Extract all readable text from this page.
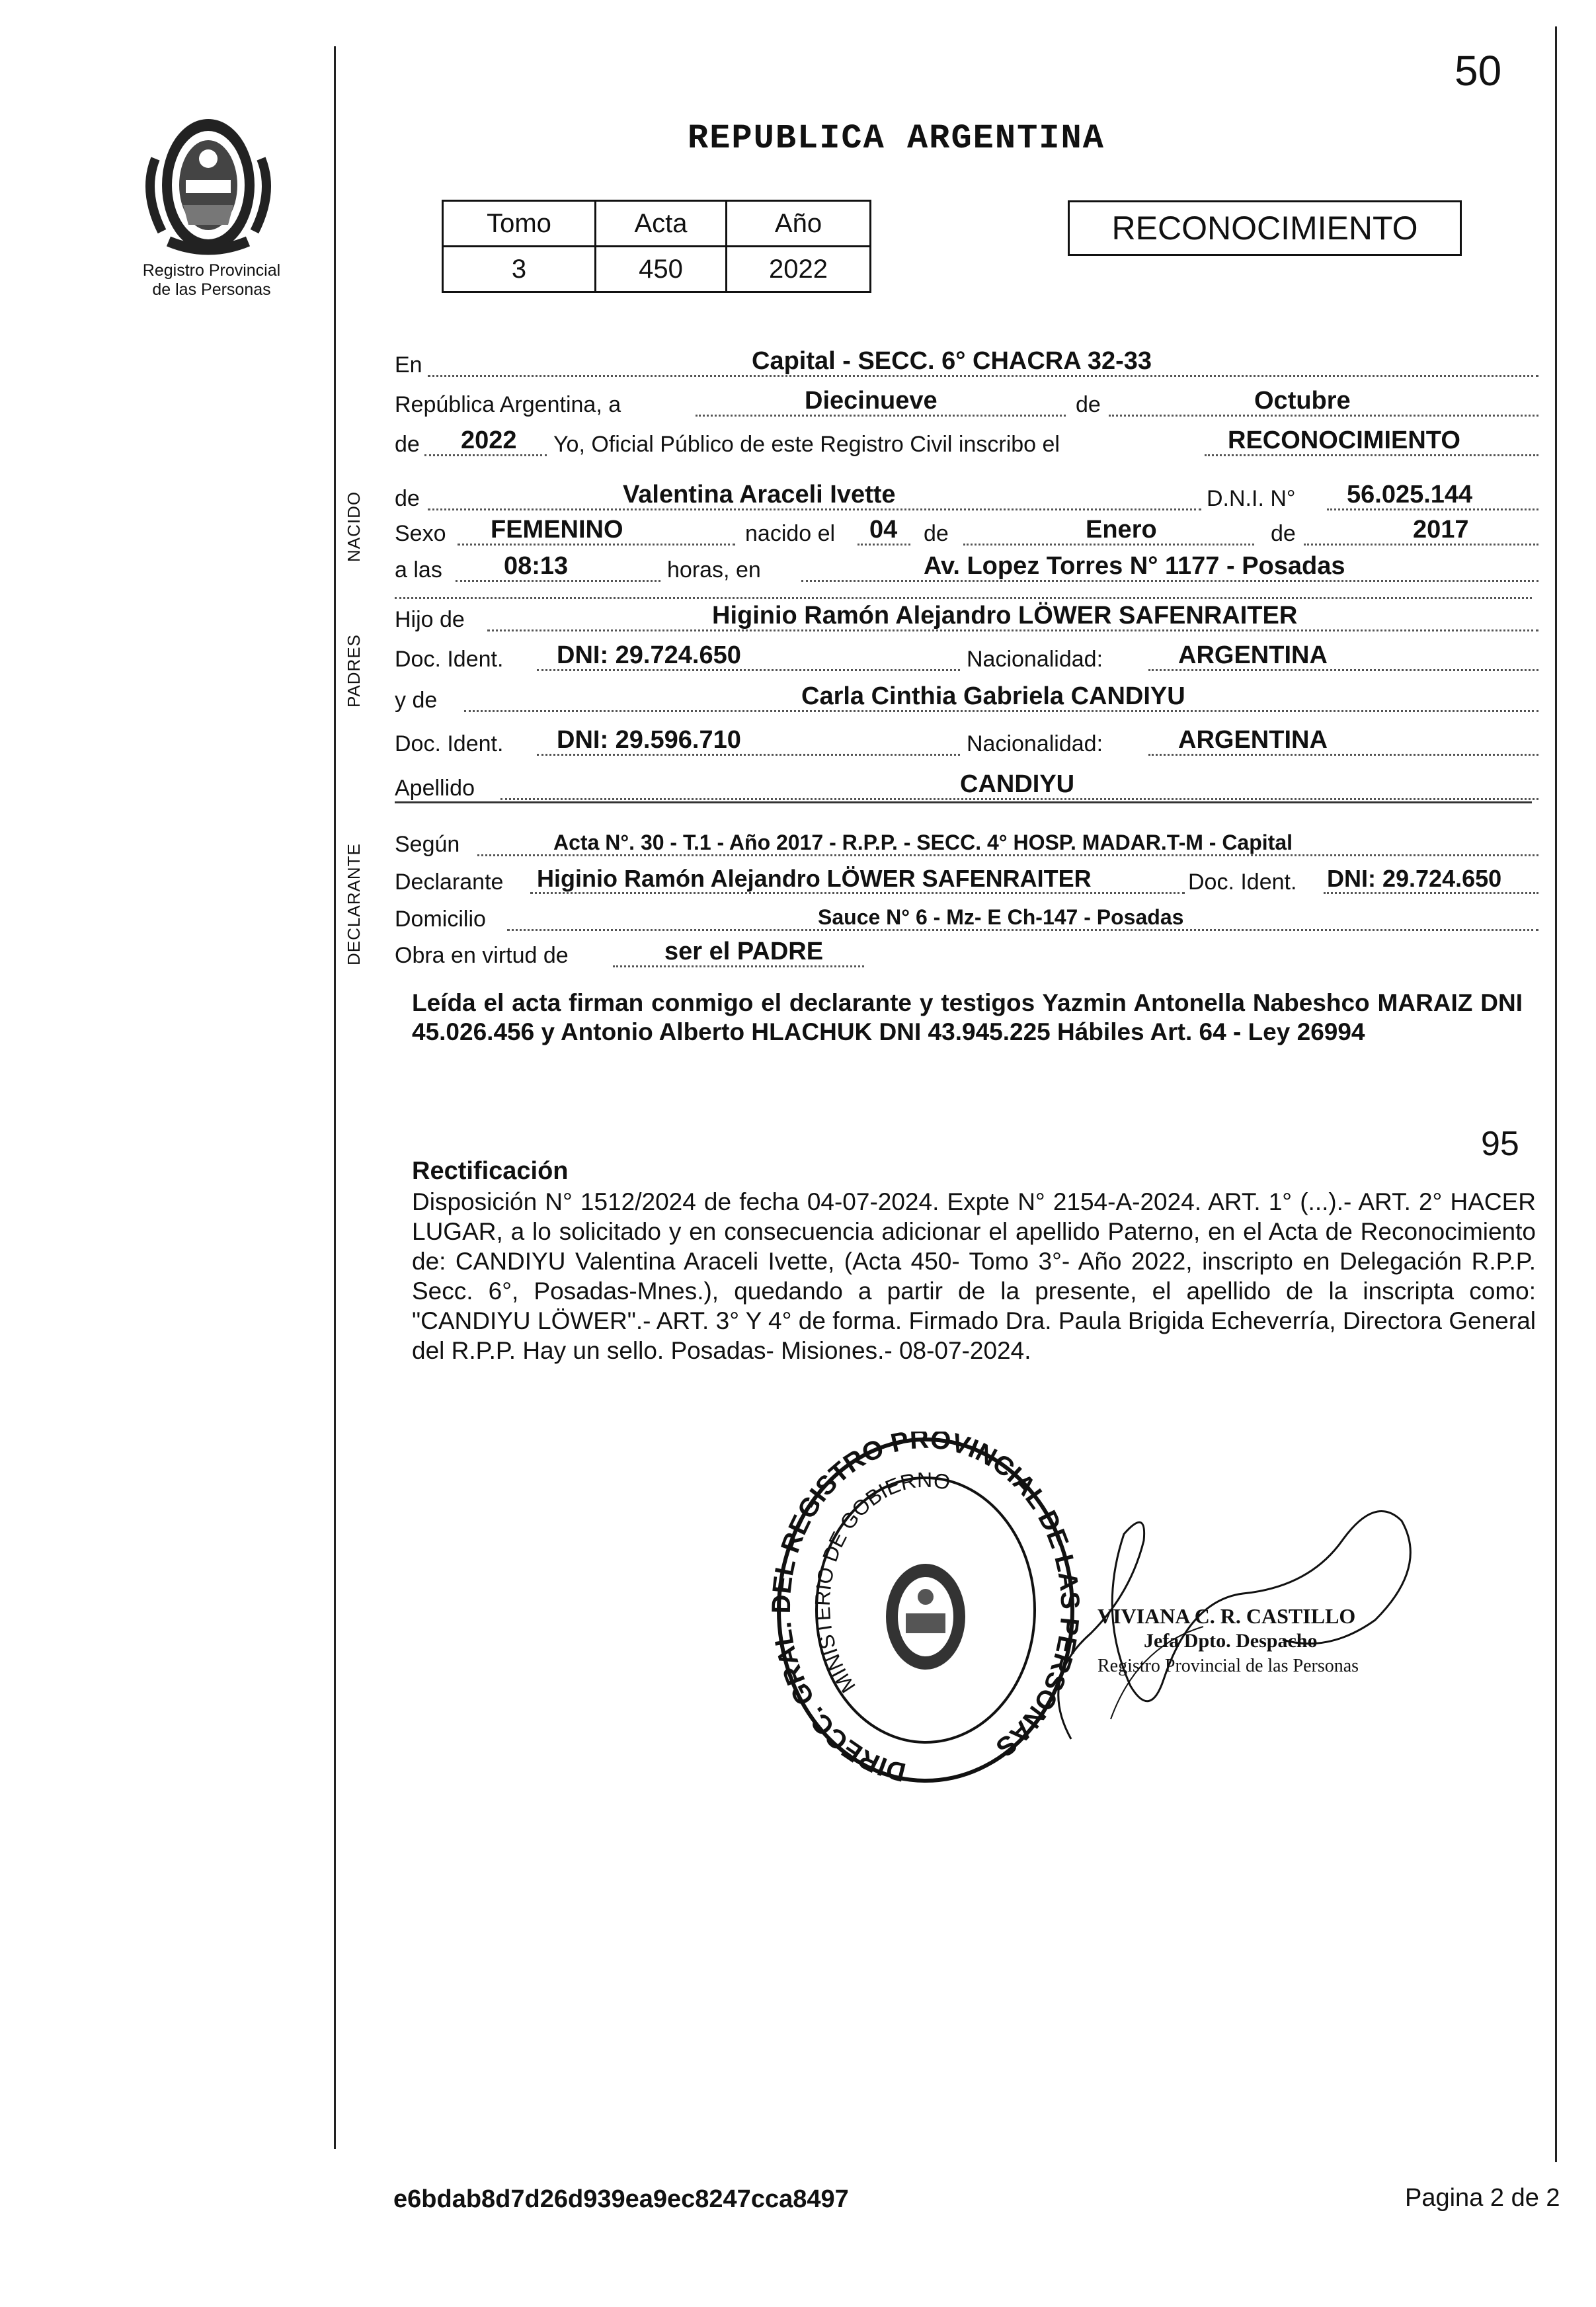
Registro Provincial
de las Personas
50
REPUBLICA ARGENTINA
Tomo	Acta	Año
3	450	2022
RECONOCIMIENTO
NACIDO
PADRES
DECLARANTE
En	Capital - SECC. 6° CHACRA 32-33
República Argentina, a	Diecinueve	de	Octubre
de 2022 Yo, Oficial Público de este Registro Civil inscribo el	RECONOCIMIENTO
de	Valentina Araceli Ivette	D.N.I. N° 56.025.144
Sexo FEMENINO	nacido el 04 de	Enero	de	2017
a las 08:13	horas, en	Av. Lopez Torres N° 1177 - Posadas
Hijo de	Higinio Ramón Alejandro LÖWER SAFENRAITER
Doc. Ident. DNI: 29.724.650	Nacionalidad:	ARGENTINA
y de	Carla Cinthia Gabriela CANDIYU
Doc. Ident. DNI: 29.596.710	Nacionalidad:	ARGENTINA
Apellido	CANDIYU
Según	Acta N°. 30 - T.1 - Año 2017 - R.P.P. - SECC. 4° HOSP. MADAR.T-M - Capital
Declarante Higinio Ramón Alejandro LÖWER SAFENRAITER	Doc. Ident. DNI: 29.724.650
Domicilio	Sauce N° 6 - Mz- E Ch-147 - Posadas
Obra en virtud de	ser el PADRE
Leída el acta firman conmigo el declarante y testigos Yazmin Antonella Nabeshco MARAIZ DNI 45.026.456 y Antonio Alberto HLACHUK DNI 43.945.225 Hábiles Art. 64 - Ley 26994
95
Rectificación
Disposición N° 1512/2024 de fecha 04-07-2024. Expte N° 2154-A-2024. ART. 1° (...).- ART. 2° HACER LUGAR, a lo solicitado y en consecuencia adicionar el apellido Paterno, en el Acta de Reconocimiento de: CANDIYU Valentina Araceli Ivette, (Acta 450- Tomo 3°- Año 2022, inscripto en Delegación R.P.P. Secc. 6°, Posadas-Mnes.), quedando a partir de la presente, el apellido de la inscripta como: "CANDIYU LÖWER".- ART. 3° Y 4° de forma. Firmado Dra. Paula Brigida Echeverría, Directora General del R.P.P. Hay un sello. Posadas- Misiones.- 08-07-2024.
DIRECC. GRAL. EL REGISTRO PROVINCIAL DE LA ERSONAS
MINISTERIO DE GOBIERNO
VIVIANA C. R. CASTILLO
Jefa Dpto. Despacho
Registro Provincial de las Personas
e6bdab8d7d26d939ea9ec8247cca8497	Pagina 2 de 2
